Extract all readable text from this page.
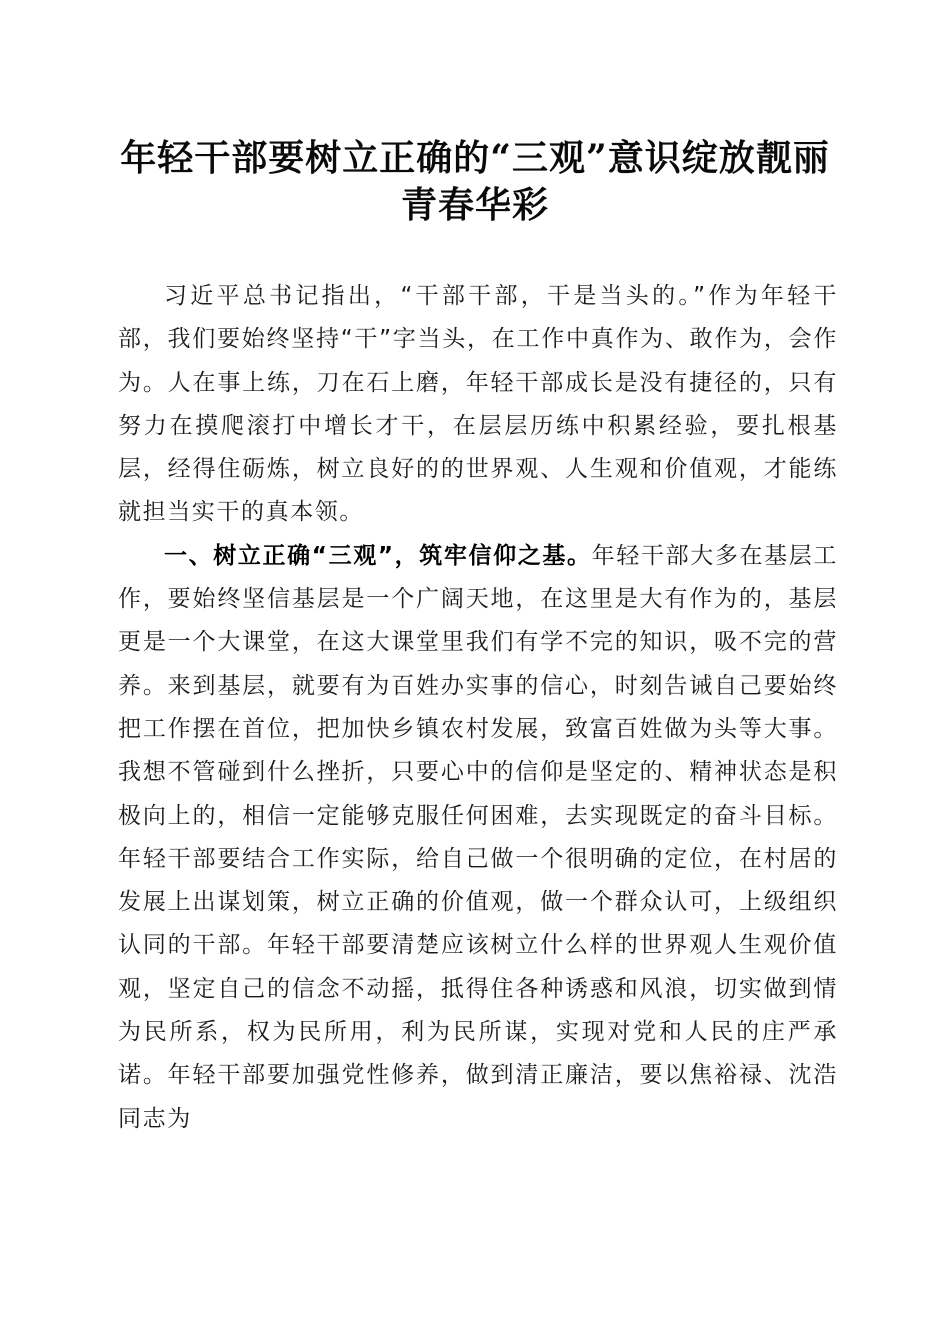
年轻干部要树立正确的“三观”意识绽放靓丽
青春华彩

习近平总书记指出，“干部干部，干是当头的。”作为年轻干部，我们要始终坚持“干”字当头，在工作中真作为、敢作为，会作为。人在事上练，刀在石上磨，年轻干部成长是没有捷径的，只有努力在摸爬滚打中增长才干，在层层历练中积累经验，要扎根基层，经得住砺炼，树立良好的的世界观、人生观和价值观，才能练就担当实干的真本领。

一、树立正确“三观”，筑牢信仰之基。年轻干部大多在基层工作，要始终坚信基层是一个广阔天地，在这里是大有作为的，基层更是一个大课堂，在这大课堂里我们有学不完的知识，吸不完的营养。来到基层，就要有为百姓办实事的信心，时刻告诫自己要始终把工作摆在首位，把加快乡镇农村发展，致富百姓做为头等大事。我想不管碰到什么挫折，只要心中的信仰是坚定的、精神状态是积极向上的，相信一定能够克服任何困难，去实现既定的奋斗目标。年轻干部要结合工作实际，给自己做一个很明确的定位，在村居的发展上出谋划策，树立正确的价值观，做一个群众认可，上级组织认同的干部。年轻干部要清楚应该树立什么样的世界观人生观价值观，坚定自己的信念不动摇，抵得住各种诱惑和风浪，切实做到情为民所系，权为民所用，利为民所谋，实现对党和人民的庄严承诺。年轻干部要加强党性修养，做到清正廉洁，要以焦裕禄、沈浩同志为
